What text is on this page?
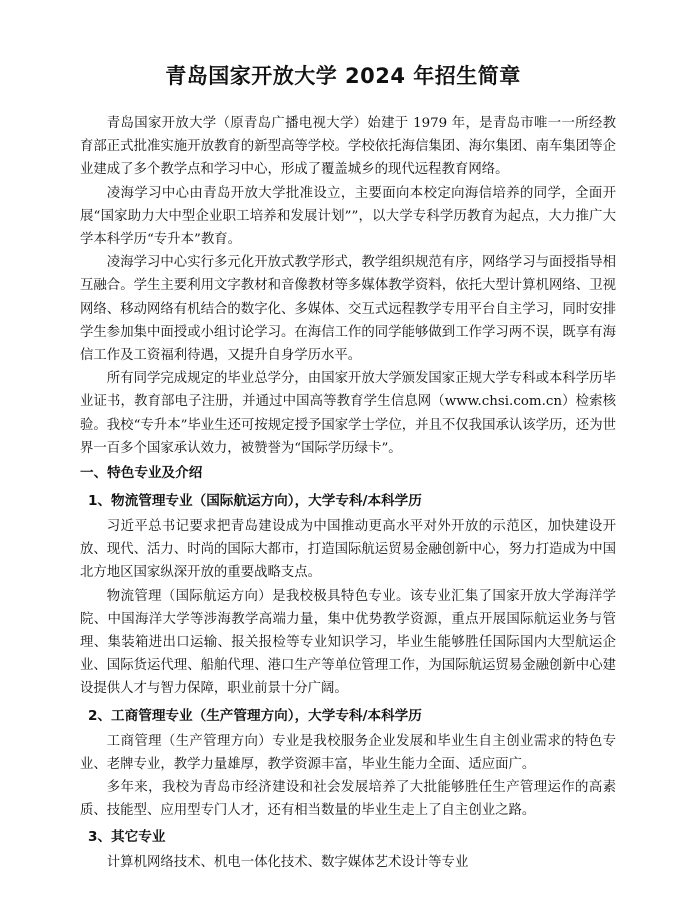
青岛国家开放大学 2024 年招生简章

青岛国家开放大学（原青岛广播电视大学）始建于 1979 年，是青岛市唯一一所经教育部正式批准实施开放教育的新型高等学校。学校依托海信集团、海尔集团、南车集团等企业建成了多个教学点和学习中心，形成了覆盖城乡的现代远程教育网络。

凌海学习中心由青岛开放大学批准设立，主要面向本校定向海信培养的同学，全面开展“国家助力大中型企业职工培养和发展计划””，以大学专科学历教育为起点，大力推广大学本科学历“专升本”教育。

凌海学习中心实行多元化开放式教学形式，教学组织规范有序，网络学习与面授指导相互融合。学生主要利用文字教材和音像教材等多媒体教学资料，依托大型计算机网络、卫视网络、移动网络有机结合的数字化、多媒体、交互式远程教学专用平台自主学习，同时安排学生参加集中面授或小组讨论学习。在海信工作的同学能够做到工作学习两不误，既享有海信工作及工资福利待遇，又提升自身学历水平。

所有同学完成规定的毕业总学分，由国家开放大学颁发国家正规大学专科或本科学历毕业证书，教育部电子注册，并通过中国高等教育学生信息网（www.chsi.com.cn）检索核验。我校“专升本”毕业生还可按规定授予国家学士学位，并且不仅我国承认该学历，还为世界一百多个国家承认效力，被赞誉为“国际学历绿卡”。

一、特色专业及介绍
1、物流管理专业（国际航运方向），大学专科/本科学历

习近平总书记要求把青岛建设成为中国推动更高水平对外开放的示范区，加快建设开放、现代、活力、时尚的国际大都市，打造国际航运贸易金融创新中心，努力打造成为中国北方地区国家纵深开放的重要战略支点。

物流管理（国际航运方向）是我校极具特色专业。该专业汇集了国家开放大学海洋学院、中国海洋大学等涉海教学高端力量，集中优势教学资源，重点开展国际航运业务与管理、集装箱进出口运输、报关报检等专业知识学习，毕业生能够胜任国际国内大型航运企业、国际货运代理、船舶代理、港口生产等单位管理工作，为国际航运贸易金融创新中心建设提供人才与智力保障，职业前景十分广阔。

2、工商管理专业（生产管理方向），大学专科/本科学历

工商管理（生产管理方向）专业是我校服务企业发展和毕业生自主创业需求的特色专业、老牌专业，教学力量雄厚，教学资源丰富，毕业生能力全面、适应面广。

多年来，我校为青岛市经济建设和社会发展培养了大批能够胜任生产管理运作的高素质、技能型、应用型专门人才，还有相当数量的毕业生走上了自主创业之路。

3、其它专业

计算机网络技术、机电一体化技术、数字媒体艺术设计等专业
